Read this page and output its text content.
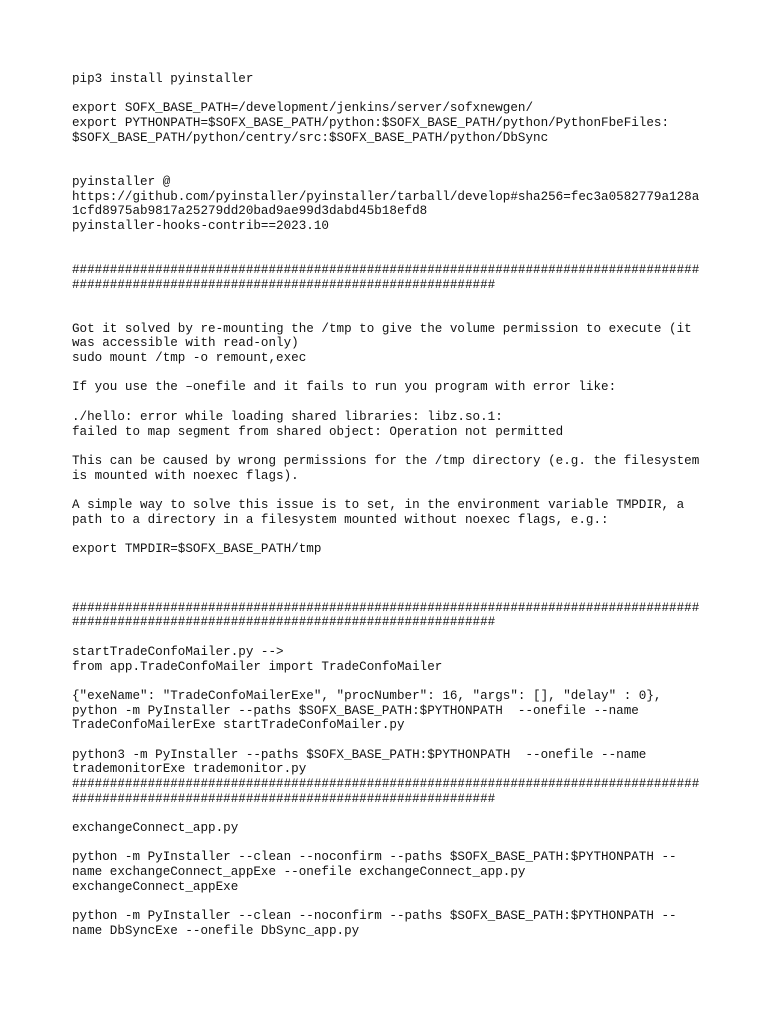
pip3 install pyinstaller
export SOFX_BASE_PATH=/development/jenkins/server/sofxnewgen/
export PYTHONPATH=$SOFX_BASE_PATH/python:$SOFX_BASE_PATH/python/PythonFbeFiles:
$SOFX_BASE_PATH/python/centry/src:$SOFX_BASE_PATH/python/DbSync
pyinstaller @
https://github.com/pyinstaller/pyinstaller/tarball/develop#sha256=fec3a0582779a128a
1cfd8975ab9817a25279dd20bad9ae99d3dabd45b18efd8
pyinstaller-hooks-contrib==2023.10
###################################################################################
########################################################
Got it solved by re-mounting the /tmp to give the volume permission to execute (it
was accessible with read-only)
sudo mount /tmp -o remount,exec
If you use the –onefile and it fails to run you program with error like:
./hello: error while loading shared libraries: libz.so.1:
failed to map segment from shared object: Operation not permitted
This can be caused by wrong permissions for the /tmp directory (e.g. the filesystem
is mounted with noexec flags).
A simple way to solve this issue is to set, in the environment variable TMPDIR, a
path to a directory in a filesystem mounted without noexec flags, e.g.:
export TMPDIR=$SOFX_BASE_PATH/tmp
###################################################################################
########################################################
startTradeConfoMailer.py -->
from app.TradeConfoMailer import TradeConfoMailer
{"exeName": "TradeConfoMailerExe", "procNumber": 16, "args": [], "delay" : 0},
python -m PyInstaller --paths $SOFX_BASE_PATH:$PYTHONPATH  --onefile --name
TradeConfoMailerExe startTradeConfoMailer.py
python3 -m PyInstaller --paths $SOFX_BASE_PATH:$PYTHONPATH  --onefile --name
trademonitorExe trademonitor.py
###################################################################################
########################################################
exchangeConnect_app.py
python -m PyInstaller --clean --noconfirm --paths $SOFX_BASE_PATH:$PYTHONPATH --
name exchangeConnect_appExe --onefile exchangeConnect_app.py
exchangeConnect_appExe
python -m PyInstaller --clean --noconfirm --paths $SOFX_BASE_PATH:$PYTHONPATH --
name DbSyncExe --onefile DbSync_app.py
